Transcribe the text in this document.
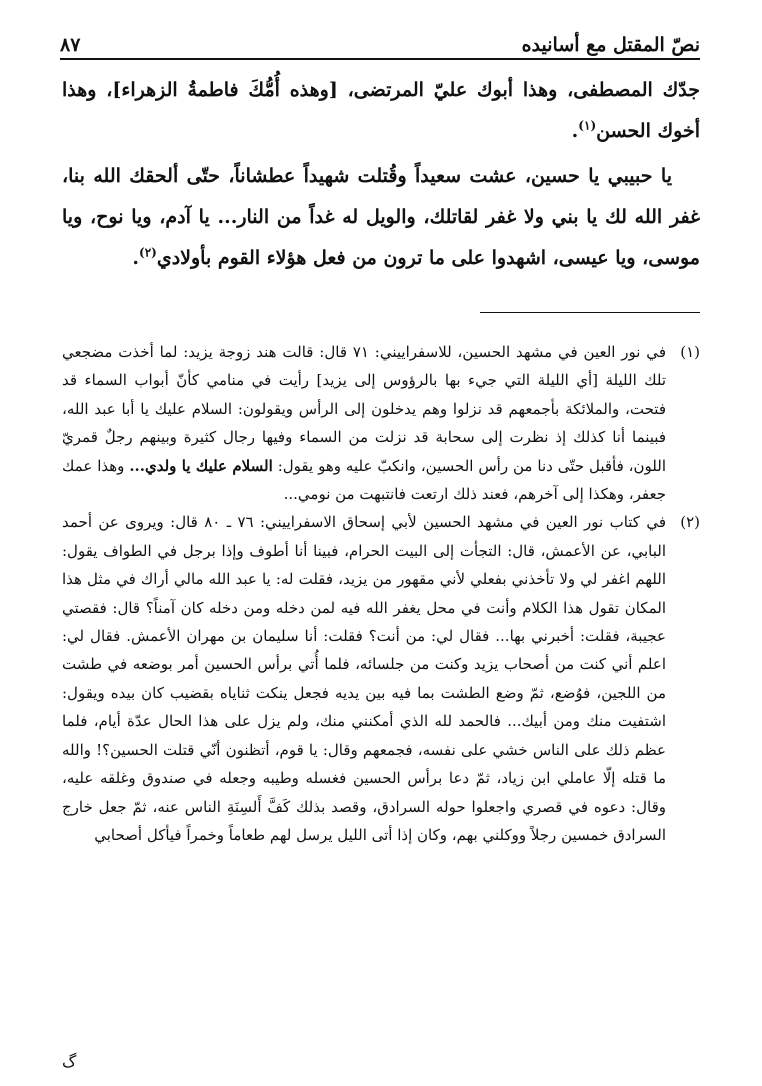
نصّ المقتل مع أسانيده
٨٧

جدّك المصطفى، وهذا أبوك عليّ المرتضى، [وهذه أُمُّكَ فاطمةُ الزهراء]، وهذا أخوك الحسن$^{(١)}$.

يا حبيبي يا حسين، عشت سعيداً وقُتلت شهيداً عطشاناً، حتّى ألحقك الله بنا، غفر الله لك يا بني ولا غفر لقاتلك، والويل له غداً من النار... يا آدم، ويا نوح، ويا موسى، ويا عيسى، اشهدوا على ما ترون من فعل هؤلاء القوم بأولادي$^{(٢)}$.

(١)
في نور العين في مشهد الحسين، للاسفراييني: ٧١ قال: قالت هند زوجة يزيد: لما أخذت مضجعي تلك الليلة [أي الليلة التي جيء بها بالرؤوس إلى يزيد] رأيت في منامي كأنّ أبواب السماء قد فتحت، والملائكة بأجمعهم قد نزلوا وهم يدخلون إلى الرأس ويقولون: السلام عليك يا أبا عبد الله، فبينما أنا كذلك إذ نظرت إلى سحابة قد نزلت من السماء وفيها رجال كثيرة وبينهم رجلٌ قمريّ اللون، فأقبل حتّى دنا من رأس الحسين، وانكبّ عليه وهو يقول: السلام عليك يا ولدي... وهذا عمك جعفر، وهكذا إلى آخرهم، فعند ذلك ارتعت فانتبهت من نومي...

(٢)
في كتاب نور العين في مشهد الحسين لأبي إسحاق الاسفراييني: ٧٦ ـ ٨٠ قال: ويروى عن أحمد البابي، عن الأعمش، قال: التجأت إلى البيت الحرام، فبينا أنا أطوف وإذا برجل في الطواف يقول: اللهم اغفر لي ولا تأخذني بفعلي لأني مقهور من يزيد، فقلت له: يا عبد الله مالي أراك في مثل هذا المكان تقول هذا الكلام وأنت في محل يغفر الله فيه لمن دخله ومن دخله كان آمناً؟ قال: فقصتي عجيبة، فقلت: أخبرني بها... فقال لي: من أنت؟ فقلت: أنا سليمان بن مهران الأعمش. فقال لي: اعلم أني كنت من أصحاب يزيد وكنت من جلسائه، فلما أُتي برأس الحسين أمر بوضعه في طشت من اللجين، فوُضع، ثمّ وضع الطشت بما فيه بين يديه فجعل ينكت ثناياه بقضيب كان بيده ويقول: اشتفيت منك ومن أبيك... فالحمد لله الذي أمكنني منك، ولم يزل على هذا الحال عدّة أيام، فلما عظم ذلك على الناس خشي على نفسه، فجمعهم وقال: يا قوم، أتظنون أنّي قتلت الحسين؟! والله ما قتله إلّا عاملي ابن زياد، ثمّ دعا برأس الحسين فغسله وطيبه وجعله في صندوق وغلقه عليه، وقال: دعوه في قصري واجعلوا حوله السرادق، وقصد بذلك كَفَّ أَلسِنَةِ الناس عنه، ثمّ جعل خارج السرادق خمسين رجلاً ووكلني بهم، وكان إذا أتى الليل يرسل لهم طعاماً وخمراً فيأكل أصحابي

ﮒ
